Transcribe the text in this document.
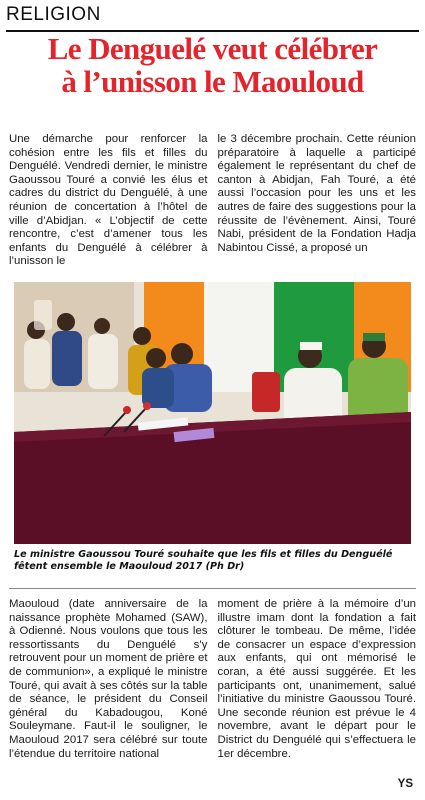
RELIGION
Le Denguelé veut célébrer
à l’unisson le Maouloud

Une démarche pour renforcer la cohésion entre les fils et filles du Denguélé. Vendredi dernier, le ministre Gaoussou Touré a convié les élus et cadres du district du Denguélé, à une réunion de concertation à l’hôtel de ville d’Abidjan. « L’objectif de cette rencontre, c’est d’amener tous les enfants du Denguélé à célébrer à l’unisson le

le 3 décembre prochain. Cette réunion préparatoire à laquelle a participé également le représentant du chef de canton à Abidjan, Fah Touré, a été aussi l’occasion pour les uns et les autres de faire des suggestions pour la réussite de l’évènement. Ainsi, Touré Nabi, président de la Fondation Hadja Nabintou Cissé, a proposé un

Le ministre Gaoussou Touré souhaite que les fils et filles du Denguélé fêtent ensemble le Maouloud 2017 (Ph Dr)

Maouloud (date anniversaire de la naissance prophète Mohamed (SAW), à Odienné. Nous voulons que tous les ressortissants du Denguélé s’y retrouvent pour un moment de prière et de communion», a expliqué le ministre Touré, qui avait à ses côtés sur la table de séance, le président du Conseil général du Kabadougou, Koné Souleymane. Faut-il le souligner, le Maouloud 2017 sera célébré sur toute l’étendue du territoire national

moment de prière à la mémoire d’un illustre imam dont la fondation a fait clôturer le tombeau. De même, l’idée de consacrer un espace d’expression aux enfants, qui ont mémorisé le coran, a été aussi suggérée. Et les participants ont, unanimement, salué l’initiative du ministre Gaoussou Touré. Une seconde réunion est prévue le 4 novembre, avant le départ pour le District du Denguélé qui s’effectuera le 1er décembre.

YS
